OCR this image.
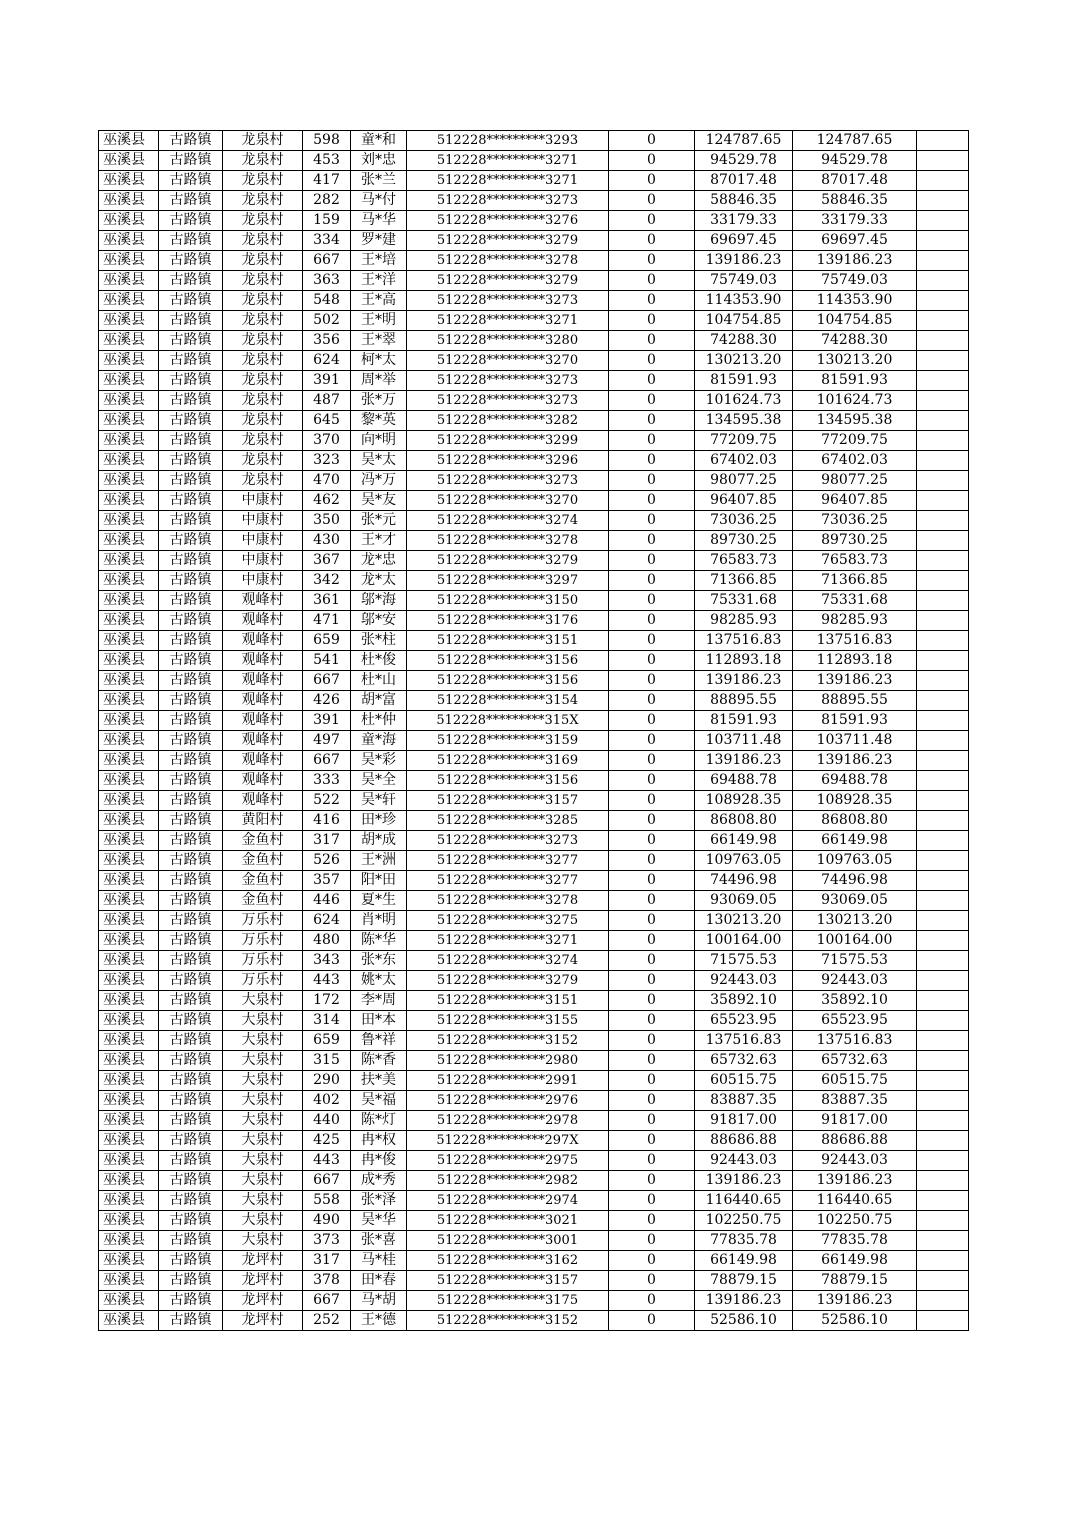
巫溪县	古路镇	龙泉村	598	童*和	512228*********3293	0	124787.65	124787.65	
巫溪县	古路镇	龙泉村	453	刘*忠	512228*********3271	0	94529.78	94529.78	
巫溪县	古路镇	龙泉村	417	张*兰	512228*********3271	0	87017.48	87017.48	
巫溪县	古路镇	龙泉村	282	马*付	512228*********3273	0	58846.35	58846.35	
巫溪县	古路镇	龙泉村	159	马*华	512228*********3276	0	33179.33	33179.33	
巫溪县	古路镇	龙泉村	334	罗*建	512228*********3279	0	69697.45	69697.45	
巫溪县	古路镇	龙泉村	667	王*培	512228*********3278	0	139186.23	139186.23	
巫溪县	古路镇	龙泉村	363	王*洋	512228*********3279	0	75749.03	75749.03	
巫溪县	古路镇	龙泉村	548	王*高	512228*********3273	0	114353.90	114353.90	
巫溪县	古路镇	龙泉村	502	王*明	512228*********3271	0	104754.85	104754.85	
巫溪县	古路镇	龙泉村	356	王*翠	512228*********3280	0	74288.30	74288.30	
巫溪县	古路镇	龙泉村	624	柯*太	512228*********3270	0	130213.20	130213.20	
巫溪县	古路镇	龙泉村	391	周*举	512228*********3273	0	81591.93	81591.93	
巫溪县	古路镇	龙泉村	487	张*万	512228*********3273	0	101624.73	101624.73	
巫溪县	古路镇	龙泉村	645	黎*英	512228*********3282	0	134595.38	134595.38	
巫溪县	古路镇	龙泉村	370	向*明	512228*********3299	0	77209.75	77209.75	
巫溪县	古路镇	龙泉村	323	吴*太	512228*********3296	0	67402.03	67402.03	
巫溪县	古路镇	龙泉村	470	冯*万	512228*********3273	0	98077.25	98077.25	
巫溪县	古路镇	中康村	462	吴*友	512228*********3270	0	96407.85	96407.85	
巫溪县	古路镇	中康村	350	张*元	512228*********3274	0	73036.25	73036.25	
巫溪县	古路镇	中康村	430	王*才	512228*********3278	0	89730.25	89730.25	
巫溪县	古路镇	中康村	367	龙*忠	512228*********3279	0	76583.73	76583.73	
巫溪县	古路镇	中康村	342	龙*太	512228*********3297	0	71366.85	71366.85	
巫溪县	古路镇	观峰村	361	邬*海	512228*********3150	0	75331.68	75331.68	
巫溪县	古路镇	观峰村	471	邬*安	512228*********3176	0	98285.93	98285.93	
巫溪县	古路镇	观峰村	659	张*柱	512228*********3151	0	137516.83	137516.83	
巫溪县	古路镇	观峰村	541	杜*俊	512228*********3156	0	112893.18	112893.18	
巫溪县	古路镇	观峰村	667	杜*山	512228*********3156	0	139186.23	139186.23	
巫溪县	古路镇	观峰村	426	胡*富	512228*********3154	0	88895.55	88895.55	
巫溪县	古路镇	观峰村	391	杜*仲	512228*********315X	0	81591.93	81591.93	
巫溪县	古路镇	观峰村	497	童*海	512228*********3159	0	103711.48	103711.48	
巫溪县	古路镇	观峰村	667	吴*彩	512228*********3169	0	139186.23	139186.23	
巫溪县	古路镇	观峰村	333	吴*全	512228*********3156	0	69488.78	69488.78	
巫溪县	古路镇	观峰村	522	吴*轩	512228*********3157	0	108928.35	108928.35	
巫溪县	古路镇	黄阳村	416	田*珍	512228*********3285	0	86808.80	86808.80	
巫溪县	古路镇	金鱼村	317	胡*成	512228*********3273	0	66149.98	66149.98	
巫溪县	古路镇	金鱼村	526	王*洲	512228*********3277	0	109763.05	109763.05	
巫溪县	古路镇	金鱼村	357	阳*田	512228*********3277	0	74496.98	74496.98	
巫溪县	古路镇	金鱼村	446	夏*生	512228*********3278	0	93069.05	93069.05	
巫溪县	古路镇	万乐村	624	肖*明	512228*********3275	0	130213.20	130213.20	
巫溪县	古路镇	万乐村	480	陈*华	512228*********3271	0	100164.00	100164.00	
巫溪县	古路镇	万乐村	343	张*东	512228*********3274	0	71575.53	71575.53	
巫溪县	古路镇	万乐村	443	姚*太	512228*********3279	0	92443.03	92443.03	
巫溪县	古路镇	大泉村	172	李*周	512228*********3151	0	35892.10	35892.10	
巫溪县	古路镇	大泉村	314	田*本	512228*********3155	0	65523.95	65523.95	
巫溪县	古路镇	大泉村	659	鲁*祥	512228*********3152	0	137516.83	137516.83	
巫溪县	古路镇	大泉村	315	陈*香	512228*********2980	0	65732.63	65732.63	
巫溪县	古路镇	大泉村	290	扶*美	512228*********2991	0	60515.75	60515.75	
巫溪县	古路镇	大泉村	402	吴*福	512228*********2976	0	83887.35	83887.35	
巫溪县	古路镇	大泉村	440	陈*灯	512228*********2978	0	91817.00	91817.00	
巫溪县	古路镇	大泉村	425	冉*权	512228*********297X	0	88686.88	88686.88	
巫溪县	古路镇	大泉村	443	冉*俊	512228*********2975	0	92443.03	92443.03	
巫溪县	古路镇	大泉村	667	成*秀	512228*********2982	0	139186.23	139186.23	
巫溪县	古路镇	大泉村	558	张*泽	512228*********2974	0	116440.65	116440.65	
巫溪县	古路镇	大泉村	490	吴*华	512228*********3021	0	102250.75	102250.75	
巫溪县	古路镇	大泉村	373	张*喜	512228*********3001	0	77835.78	77835.78	
巫溪县	古路镇	龙坪村	317	马*桂	512228*********3162	0	66149.98	66149.98	
巫溪县	古路镇	龙坪村	378	田*春	512228*********3157	0	78879.15	78879.15	
巫溪县	古路镇	龙坪村	667	马*胡	512228*********3175	0	139186.23	139186.23	
巫溪县	古路镇	龙坪村	252	王*德	512228*********3152	0	52586.10	52586.10	
